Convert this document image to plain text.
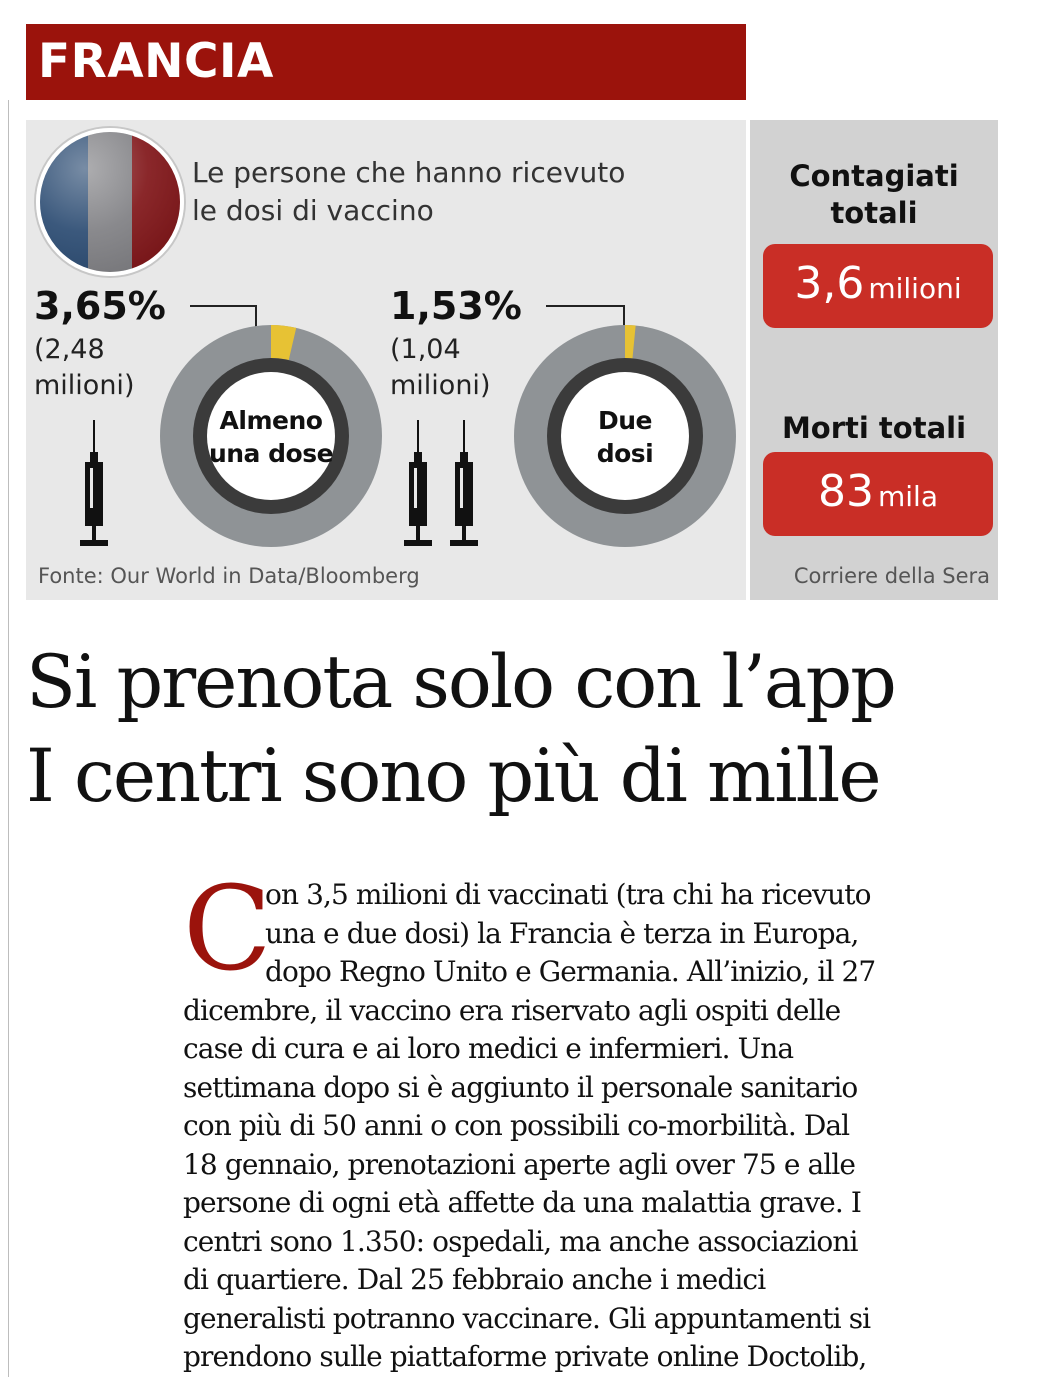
FRANCIA

Le persone che hanno ricevuto
le dosi di vaccino

3,65%

(2,48
milioni)

Almeno
una dose

1,53%

(1,04
milioni)

Due
dosi

Fonte: Our World in Data/Bloomberg

Contagiati
totali

3,6 milioni

Morti totali

83 mila

Corriere della Sera

Si prenota solo con l’app
I centri sono più di mille
C

on 3,5 milioni di vaccinati (tra chi ha ricevuto
una e due dosi) la Francia è terza in Europa,
dopo Regno Unito e Germania. All’inizio, il 27
dicembre, il vaccino era riservato agli ospiti delle
case di cura e ai loro medici e infermieri. Una
settimana dopo si è aggiunto il personale sanitario
con più di 50 anni o con possibili co-morbilità. Dal
18 gennaio, prenotazioni aperte agli over 75 e alle
persone di ogni età affette da una malattia grave. I
centri sono 1.350: ospedali, ma anche associazioni
di quartiere. Dal 25 febbraio anche i medici
generalisti potranno vaccinare. Gli appuntamenti si
prendono sulle piattaforme private online Doctolib,
